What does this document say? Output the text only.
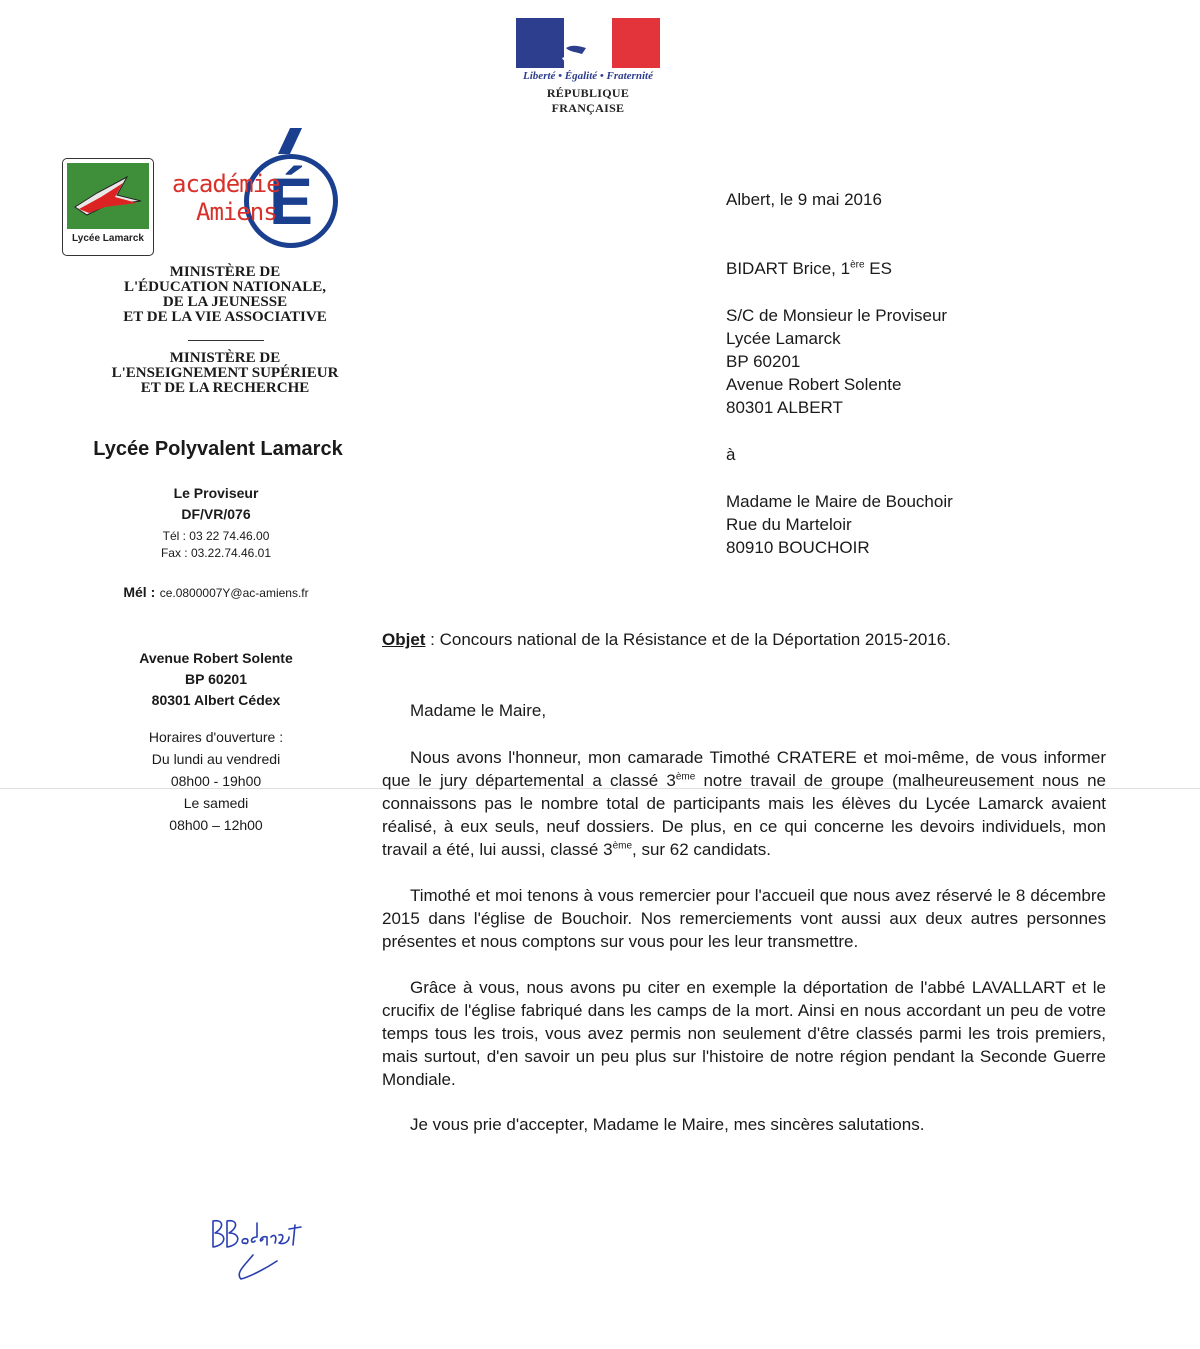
Liberté • Égalité • Fraternité
RÉPUBLIQUE FRANÇAISE
Lycée Lamarck
É
académie
Amiens
MINISTÈRE DE
L'ÉDUCATION NATIONALE,
DE LA JEUNESSE
ET DE LA VIE ASSOCIATIVE
MINISTÈRE DE
L'ENSEIGNEMENT SUPÉRIEUR
ET DE LA RECHERCHE
Lycée Polyvalent Lamarck
Le Proviseur
DF/VR/076
Tél : 03 22 74.46.00
Fax : 03.22.74.46.01
Mél : ce.0800007Y@ac-amiens.fr
Avenue Robert Solente
BP 60201
80301 Albert Cédex
Horaires d'ouverture :
Du lundi au vendredi
08h00 - 19h00
Le samedi
08h00 – 12h00
Albert, le 9 mai 2016
BIDART Brice, 1ère ES
S/C de Monsieur le Proviseur
Lycée Lamarck
BP 60201
Avenue Robert Solente
80301 ALBERT
à
Madame le Maire de Bouchoir
Rue du Marteloir
80910 BOUCHOIR
Objet : Concours national de la Résistance et de la Déportation 2015-2016.
Madame le Maire,
Nous avons l'honneur, mon camarade Timothé CRATERE et moi-même, de vous informer que le jury départemental a classé 3ème notre travail de groupe (malheureusement nous ne connaissons pas le nombre total de participants mais les élèves du Lycée Lamarck avaient réalisé, à eux seuls, neuf dossiers. De plus, en ce qui concerne les devoirs individuels, mon travail a été, lui aussi, classé 3ème, sur 62 candidats.
Timothé et moi tenons à vous remercier pour l'accueil que nous avez réservé le 8 décembre 2015 dans l'église de Bouchoir. Nos remerciements vont aussi aux deux autres personnes présentes et nous comptons sur vous pour les leur transmettre.
Grâce à vous, nous avons pu citer en exemple la déportation de l'abbé LAVALLART et le crucifix de l'église fabriqué dans les camps de la mort. Ainsi en nous accordant un peu de votre temps tous les trois, vous avez permis non seulement d'être classés parmi les trois premiers, mais surtout, d'en savoir un peu plus sur l'histoire de notre région pendant la Seconde Guerre Mondiale.
Je vous prie d'accepter, Madame le Maire, mes sincères salutations.
